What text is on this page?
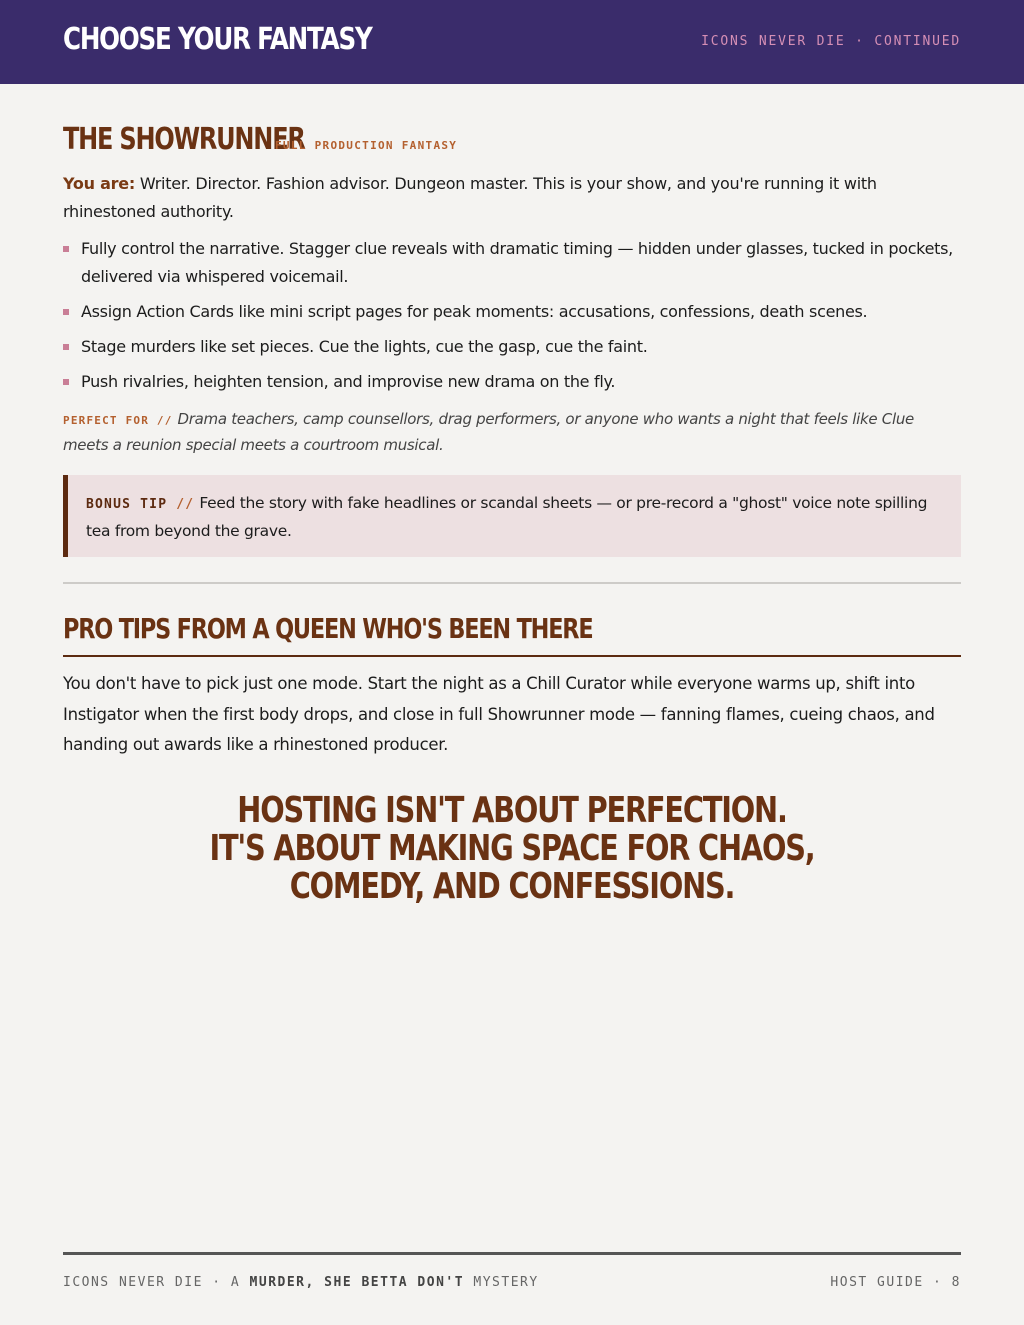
CHOOSE YOUR FANTASY	ICONS NEVER DIE · CONTINUED
THE SHOWRUNNER
FULL PRODUCTION FANTASY

You are: Writer. Director. Fashion advisor. Dungeon master. This is your show, and you're running it with rhinestoned authority.

Fully control the narrative. Stagger clue reveals with dramatic timing — hidden under glasses, tucked in pockets, delivered via whispered voicemail.
Assign Action Cards like mini script pages for peak moments: accusations, confessions, death scenes.
Stage murders like set pieces. Cue the lights, cue the gasp, cue the faint.
Push rivalries, heighten tension, and improvise new drama on the fly.

PERFECT FOR // Drama teachers, camp counsellors, drag performers, or anyone who wants a night that feels like Clue meets a reunion special meets a courtroom musical.

BONUS TIP // Feed the story with fake headlines or scandal sheets — or pre-record a "ghost" voice note spilling tea from beyond the grave.

PRO TIPS FROM A QUEEN WHO'S BEEN THERE

You don't have to pick just one mode. Start the night as a Chill Curator while everyone warms up, shift into Instigator when the first body drops, and close in full Showrunner mode — fanning flames, cueing chaos, and handing out awards like a rhinestoned producer.

HOSTING ISN'T ABOUT PERFECTION.
IT'S ABOUT MAKING SPACE FOR CHAOS,
COMEDY, AND CONFESSIONS.
ICONS NEVER DIE · A MURDER, SHE BETTA DON'T MYSTERY	HOST GUIDE · 8
